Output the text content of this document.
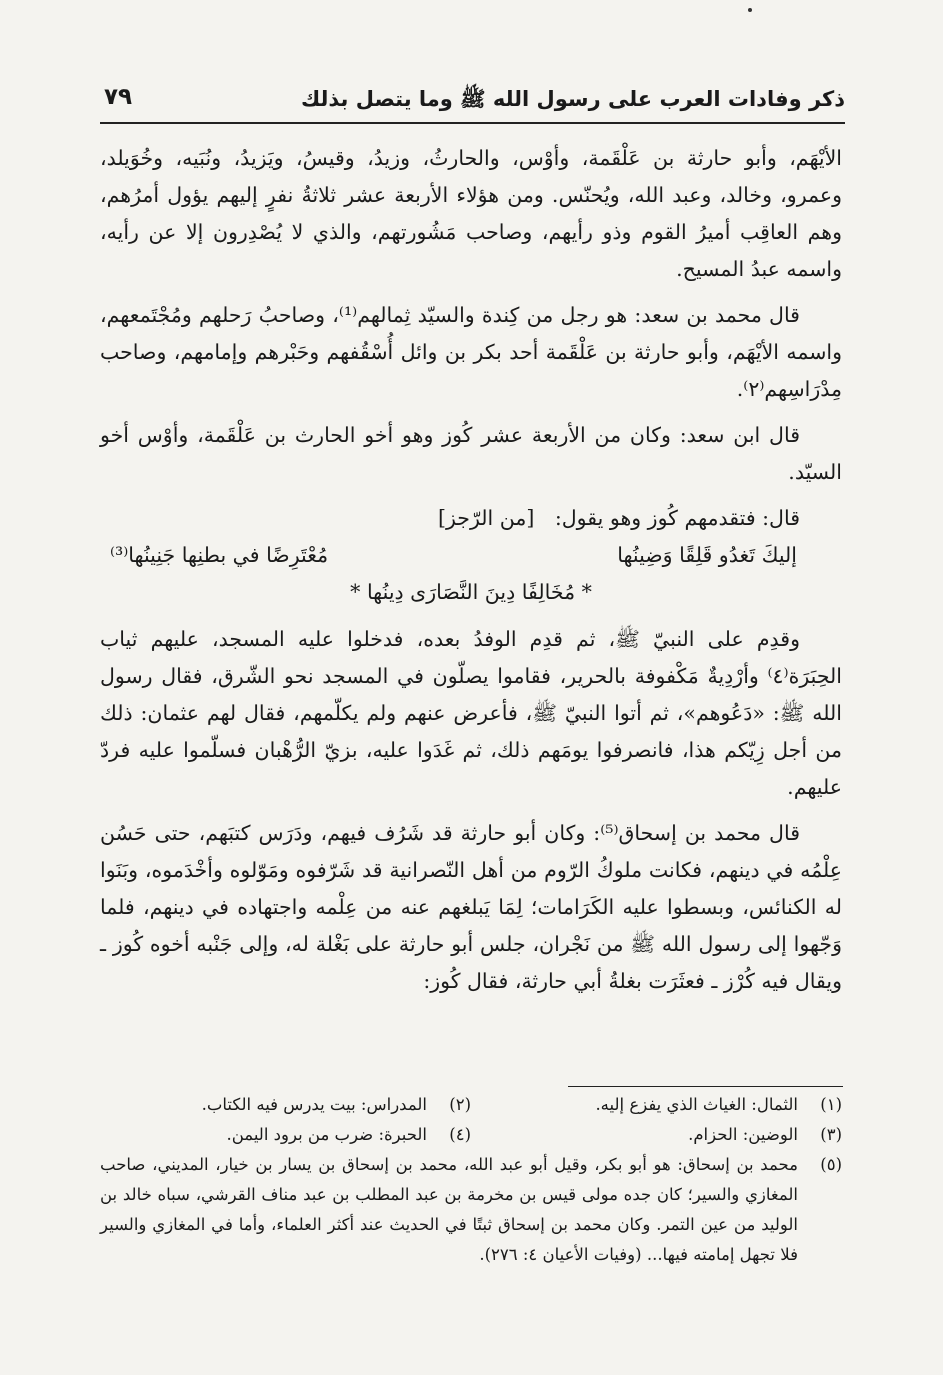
ذكر وفادات العرب على رسول الله ﷺ وما يتصل بذلك
٧٩

الأيْهَم، وأبو حارثة بن عَلْقَمة، وأوْس، والحارثُ، وزيدُ، وقيسُ، ويَزيدُ، ونُبَيه، وخُوَيلد، وعمرو، وخالد، وعبد الله، ويُحنّس. ومن هؤلاء الأربعة عشر ثلاثةُ نفرٍ إليهم يؤول أمرُهم، وهم العاقِب أميرُ القوم وذو رأيهم، وصاحب مَشُورتهم، والذي لا يُصْدِرون إلا عن رأيه، واسمه عبدُ المسيح.

قال محمد بن سعد: هو رجل من كِندة والسيّد ثِمالهم⁽¹⁾، وصاحبُ رَحلهم ومُجْتَمعهم، واسمه الأيْهَم، وأبو حارثة بن عَلْقَمة أحد بكر بن وائل أُسْقُفهم وحَبْرهم وإمامهم، وصاحب مِدْرَاسِهم⁽٢⁾.

قال ابن سعد: وكان من الأربعة عشر كُوز وهو أخو الحارث بن عَلْقَمة، وأوْس أخو السيّد.

قال: فتقدمهم كُوز وهو يقول: [من الرّجز]
إليكَ تَغدُو قَلِقًا وَضِينُها
مُعْتَرِضًا في بطنِها جَنِينُها⁽³⁾
* مُخَالِفًا دِينَ النَّصَارَى دِينُها *

وقدِم على النبيّ ﷺ، ثم قدِم الوفدُ بعده، فدخلوا عليه المسجد، عليهم ثياب الحِبَرَة⁽٤⁾ وأرْدِيةٌ مَكْفوفة بالحرير، فقاموا يصلّون في المسجد نحو الشّرق، فقال رسول الله ﷺ: «دَعُوهم»، ثم أتوا النبيّ ﷺ، فأعرض عنهم ولم يكلّمهم، فقال لهم عثمان: ذلك من أجل زِيّكم هذا، فانصرفوا يومَهم ذلك، ثم غَدَوا عليه، بزيّ الرُّهْبان فسلّموا عليه فردّ عليهم.

قال محمد بن إسحاق⁽⁵⁾: وكان أبو حارثة قد شَرُف فيهم، ودَرَس كتبَهم، حتى حَسُن عِلْمُه في دينهم، فكانت ملوكُ الرّوم من أهل النّصرانية قد شَرّفوه ومَوّلوه وأخْدَموه، وبَنَوا له الكنائس، وبسطوا عليه الكَرَامات؛ لِمَا يَبلغهم عنه من عِلْمه واجتهاده في دينهم، فلما وَجّهوا إلى رسول الله ﷺ من نَجْران، جلس أبو حارثة على بَغْلة له، وإلى جَنْبه أخوه كُوز ـ ويقال فيه كُرْز ـ فعثَرَت بغلةُ أبي حارثة، فقال كُوز:

(١)
الثمال: الغياث الذي يفزع إليه.
(٢)
المدراس: بيت يدرس فيه الكتاب.
(٣)
الوضين: الحزام.
(٤)
الحبرة: ضرب من برود اليمن.
(٥)
محمد بن إسحاق: هو أبو بكر، وقيل أبو عبد الله، محمد بن إسحاق بن يسار بن خيار، المديني، صاحب المغازي والسير؛ كان جده مولى قيس بن مخرمة بن عبد المطلب بن عبد مناف القرشي، سباه خالد بن الوليد من عين التمر. وكان محمد بن إسحاق ثبتًا في الحديث عند أكثر العلماء، وأما في المغازي والسير فلا تجهل إمامته فيها... (وفيات الأعيان ٤: ٢٧٦).
